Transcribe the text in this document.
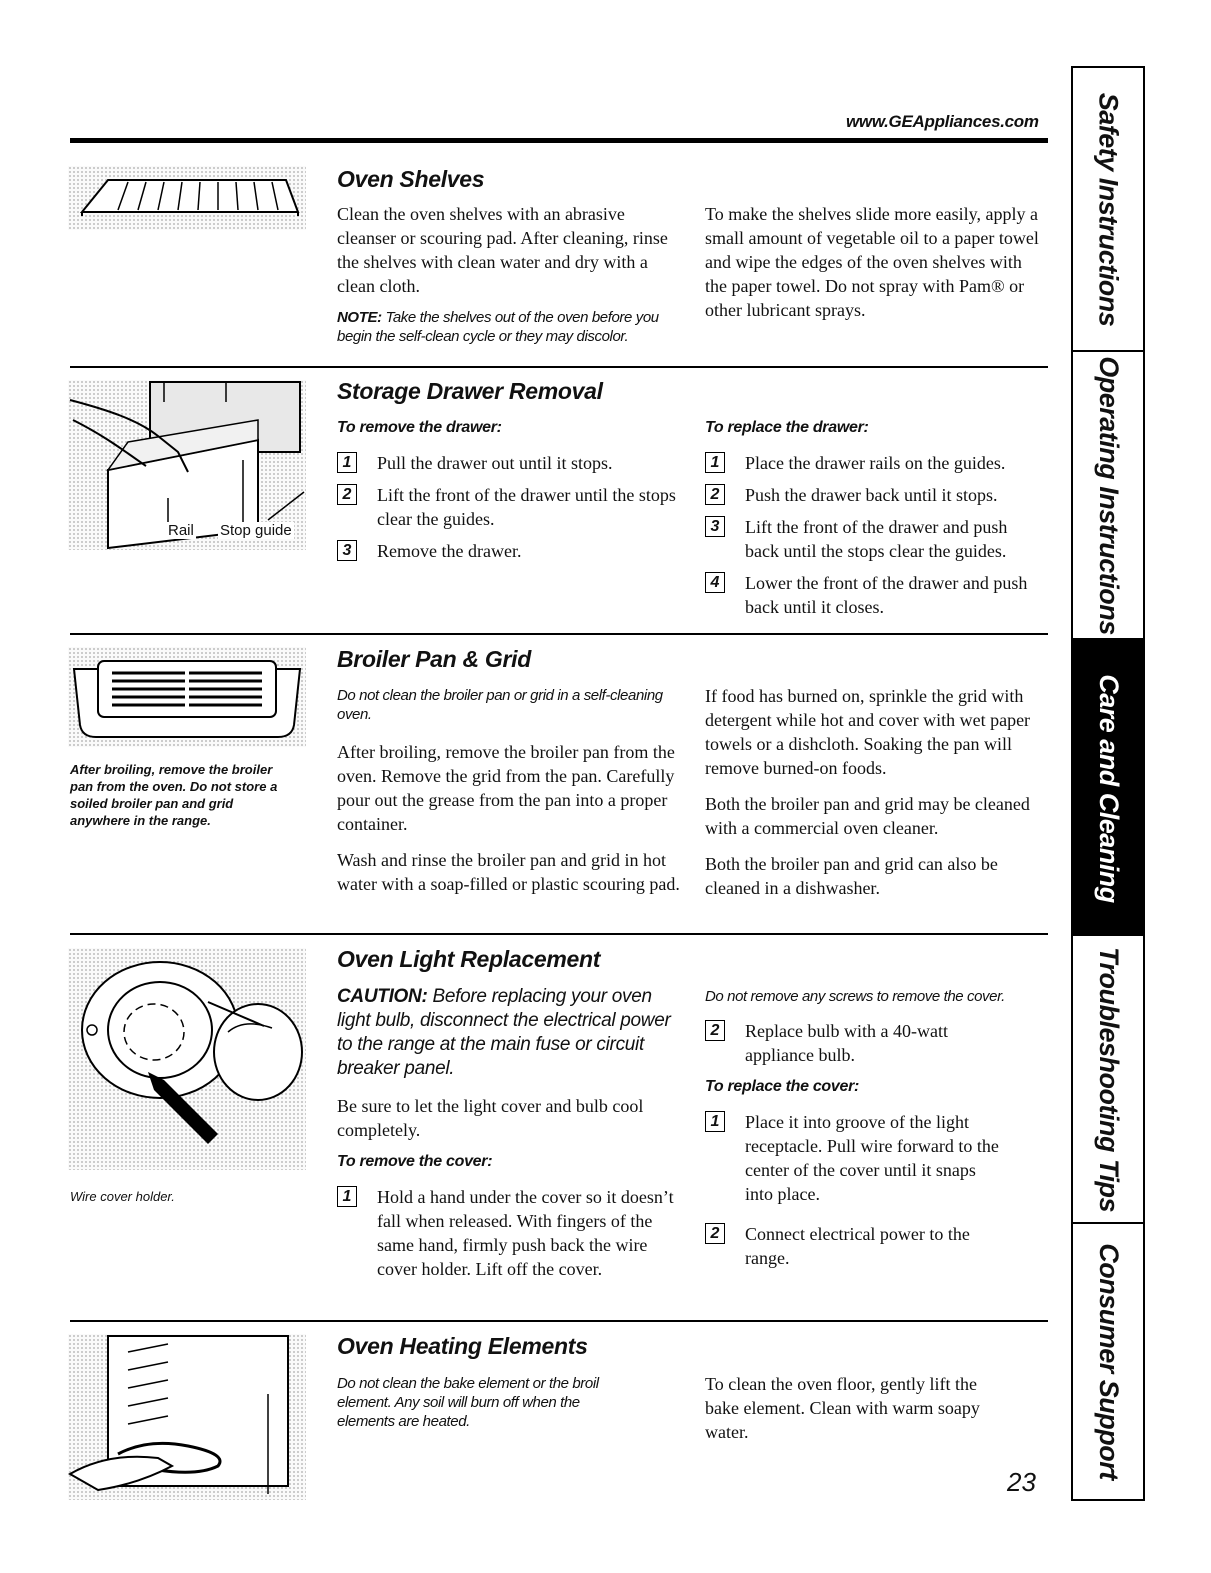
www.GEAppliances.com
Oven Shelves

Clean the oven shelves with an abrasive cleanser or scouring pad. After cleaning, rinse the shelves with clean water and dry with a clean cloth.

NOTE: Take the shelves out of the oven before you begin the self-clean cycle or they may discolor.
To make the shelves slide more easily, apply a small amount of vegetable oil to a paper towel and wipe the edges of the oven shelves with the paper towel. Do not spray with Pam® or other lubricant sprays.
Rail Stop guide
Storage Drawer Removal
To remove the drawer:
1	Pull the drawer out until it stops.
2	Lift the front of the drawer until the stops clear the guides.
3	Remove the drawer.
To replace the drawer:
1	Place the drawer rails on the guides.
2	Push the drawer back until it stops.
3	Lift the front of the drawer and push back until the stops clear the guides.
4	Lower the front of the drawer and push back until it closes.
After broiling, remove the broiler pan from the oven. Do not store a soiled broiler pan and grid anywhere in the range.
Broiler Pan & Grid
Do not clean the broiler pan or grid in a self-cleaning oven.

After broiling, remove the broiler pan from the oven. Remove the grid from the pan. Carefully pour out the grease from the pan into a proper container.

Wash and rinse the broiler pan and grid in hot water with a soap-filled or plastic scouring pad.

If food has burned on, sprinkle the grid with detergent while hot and cover with wet paper towels or a dishcloth. Soaking the pan will remove burned-on foods.

Both the broiler pan and grid may be cleaned with a commercial oven cleaner.

Both the broiler pan and grid can also be cleaned in a dishwasher.

Wire cover holder.
Oven Light Replacement
CAUTION: Before replacing your oven light bulb, disconnect the electrical power to the range at the main fuse or circuit breaker panel.
Be sure to let the light cover and bulb cool completely.
To remove the cover:
1	Hold a hand under the cover so it doesn’t fall when released. With fingers of the same hand, firmly push back the wire cover holder. Lift off the cover.
Do not remove any screws to remove the cover.
2	Replace bulb with a 40-watt appliance bulb.
To replace the cover:
1	Place it into groove of the light receptacle. Pull wire forward to the center of the cover until it snaps into place.
2	Connect electrical power to the range.
Oven Heating Elements
Do not clean the bake element or the broil element. Any soil will burn off when the elements are heated.
To clean the oven floor, gently lift the bake element. Clean with warm soapy water.
23
Safety Instructions
Operating Instructions
Care and Cleaning
Troubleshooting Tips
Consumer Support
